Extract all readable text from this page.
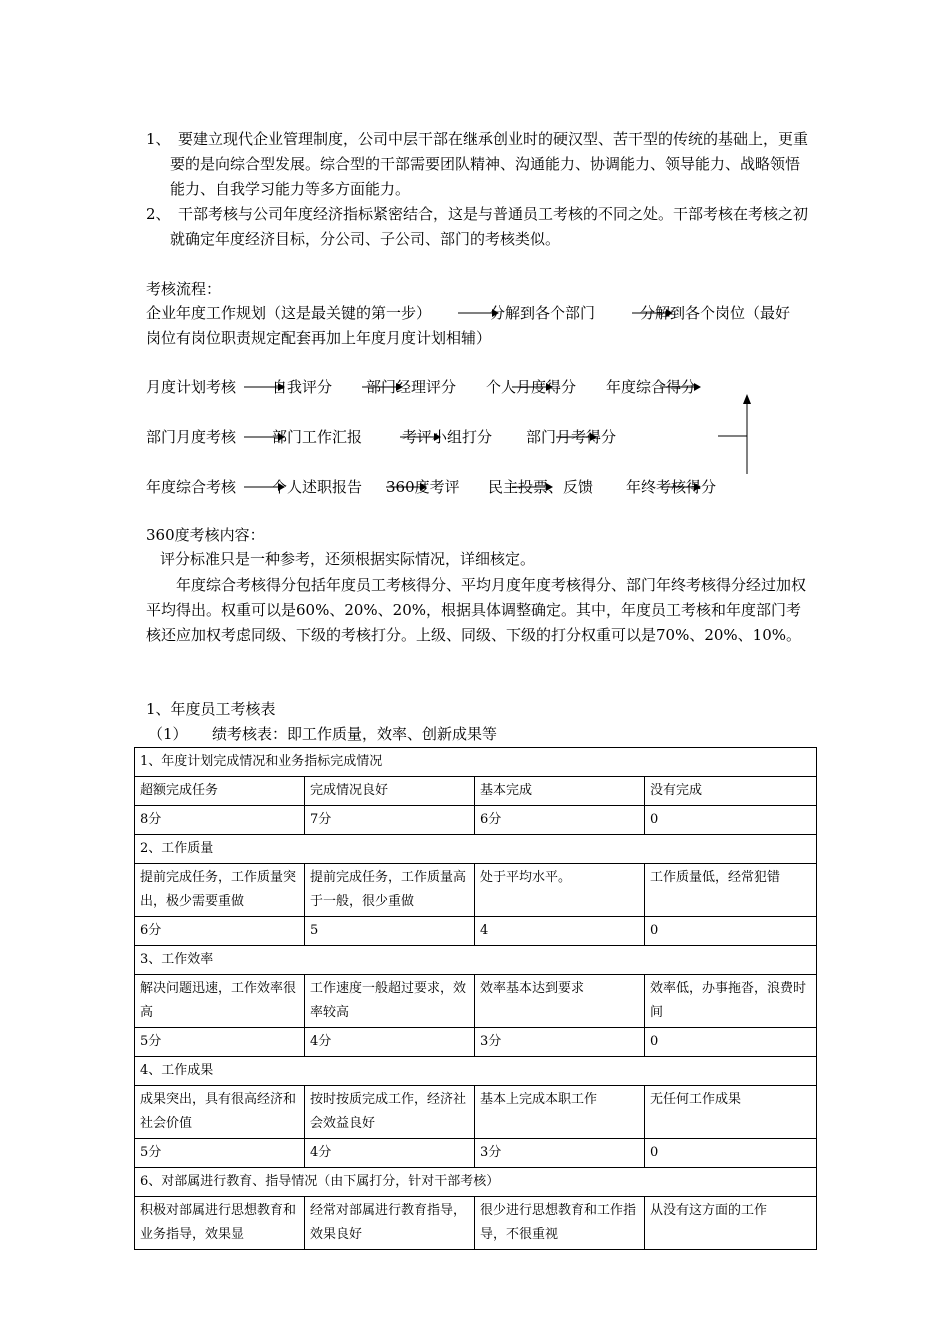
1、 要建立现代企业管理制度，公司中层干部在继承创业时的硬汉型、苦干型的传统的基础上，更重要的是向综合型发展。综合型的干部需要团队精神、沟通能力、协调能力、领导能力、战略领悟能力、自我学习能力等多方面能力。
2、 干部考核与公司年度经济指标紧密结合，这是与普通员工考核的不同之处。干部考核在考核之初就确定年度经济目标，分公司、子公司、部门的考核类似。
考核流程：
企业年度工作规划（这是最关键的第一步）	分解到各个部门	分解到各个岗位（最好
岗位有岗位职责规定配套再加上年度月度计划相辅）
月度计划考核 自我评分 部门经理评分 个人月度得分 年度综合得分
部门月度考核 部门工作汇报	考评小组打分 部门月考得分
年度综合考核 个人述职报告 360度考评 民主投票、反馈 年终考核得分
360度考核内容：
评分标准只是一种参考，还须根据实际情况，详细核定。
年度综合考核得分包括年度员工考核得分、平均月度年度考核得分、部门年终考核得分经过加权平均得出。权重可以是60%、20%、20%，根据具体调整确定。其中，年度员工考核和年度部门考核还应加权考虑同级、下级的考核打分。上级、同级、下级的打分权重可以是70%、20%、10%。
1、年度员工考核表
（1） 绩考核表：即工作质量，效率、创新成果等
1、年度计划完成情况和业务指标完成情况			
超额完成任务	完成情况良好	基本完成	没有完成
8分	7分	6分	0
2、工作质量			
提前完成任务，工作质量突出，极少需要重做	提前完成任务，工作质量高于一般，很少重做	处于平均水平。	工作质量低，经常犯错
6分	5	4	0
3、工作效率			
解决问题迅速，工作效率很高	工作速度一般超过要求，效率较高	效率基本达到要求	效率低，办事拖沓，浪费时间
5分	4分	3分	0
4、工作成果			
成果突出，具有很高经济和社会价值	按时按质完成工作，经济社会效益良好	基本上完成本职工作	无任何工作成果
5分	4分	3分	0
6、对部属进行教育、指导情况（由下属打分，针对干部考核）			
积极对部属进行思想教育和业务指导，效果显	经常对部属进行教育指导，效果良好	很少进行思想教育和工作指导，不很重视	从没有这方面的工作
